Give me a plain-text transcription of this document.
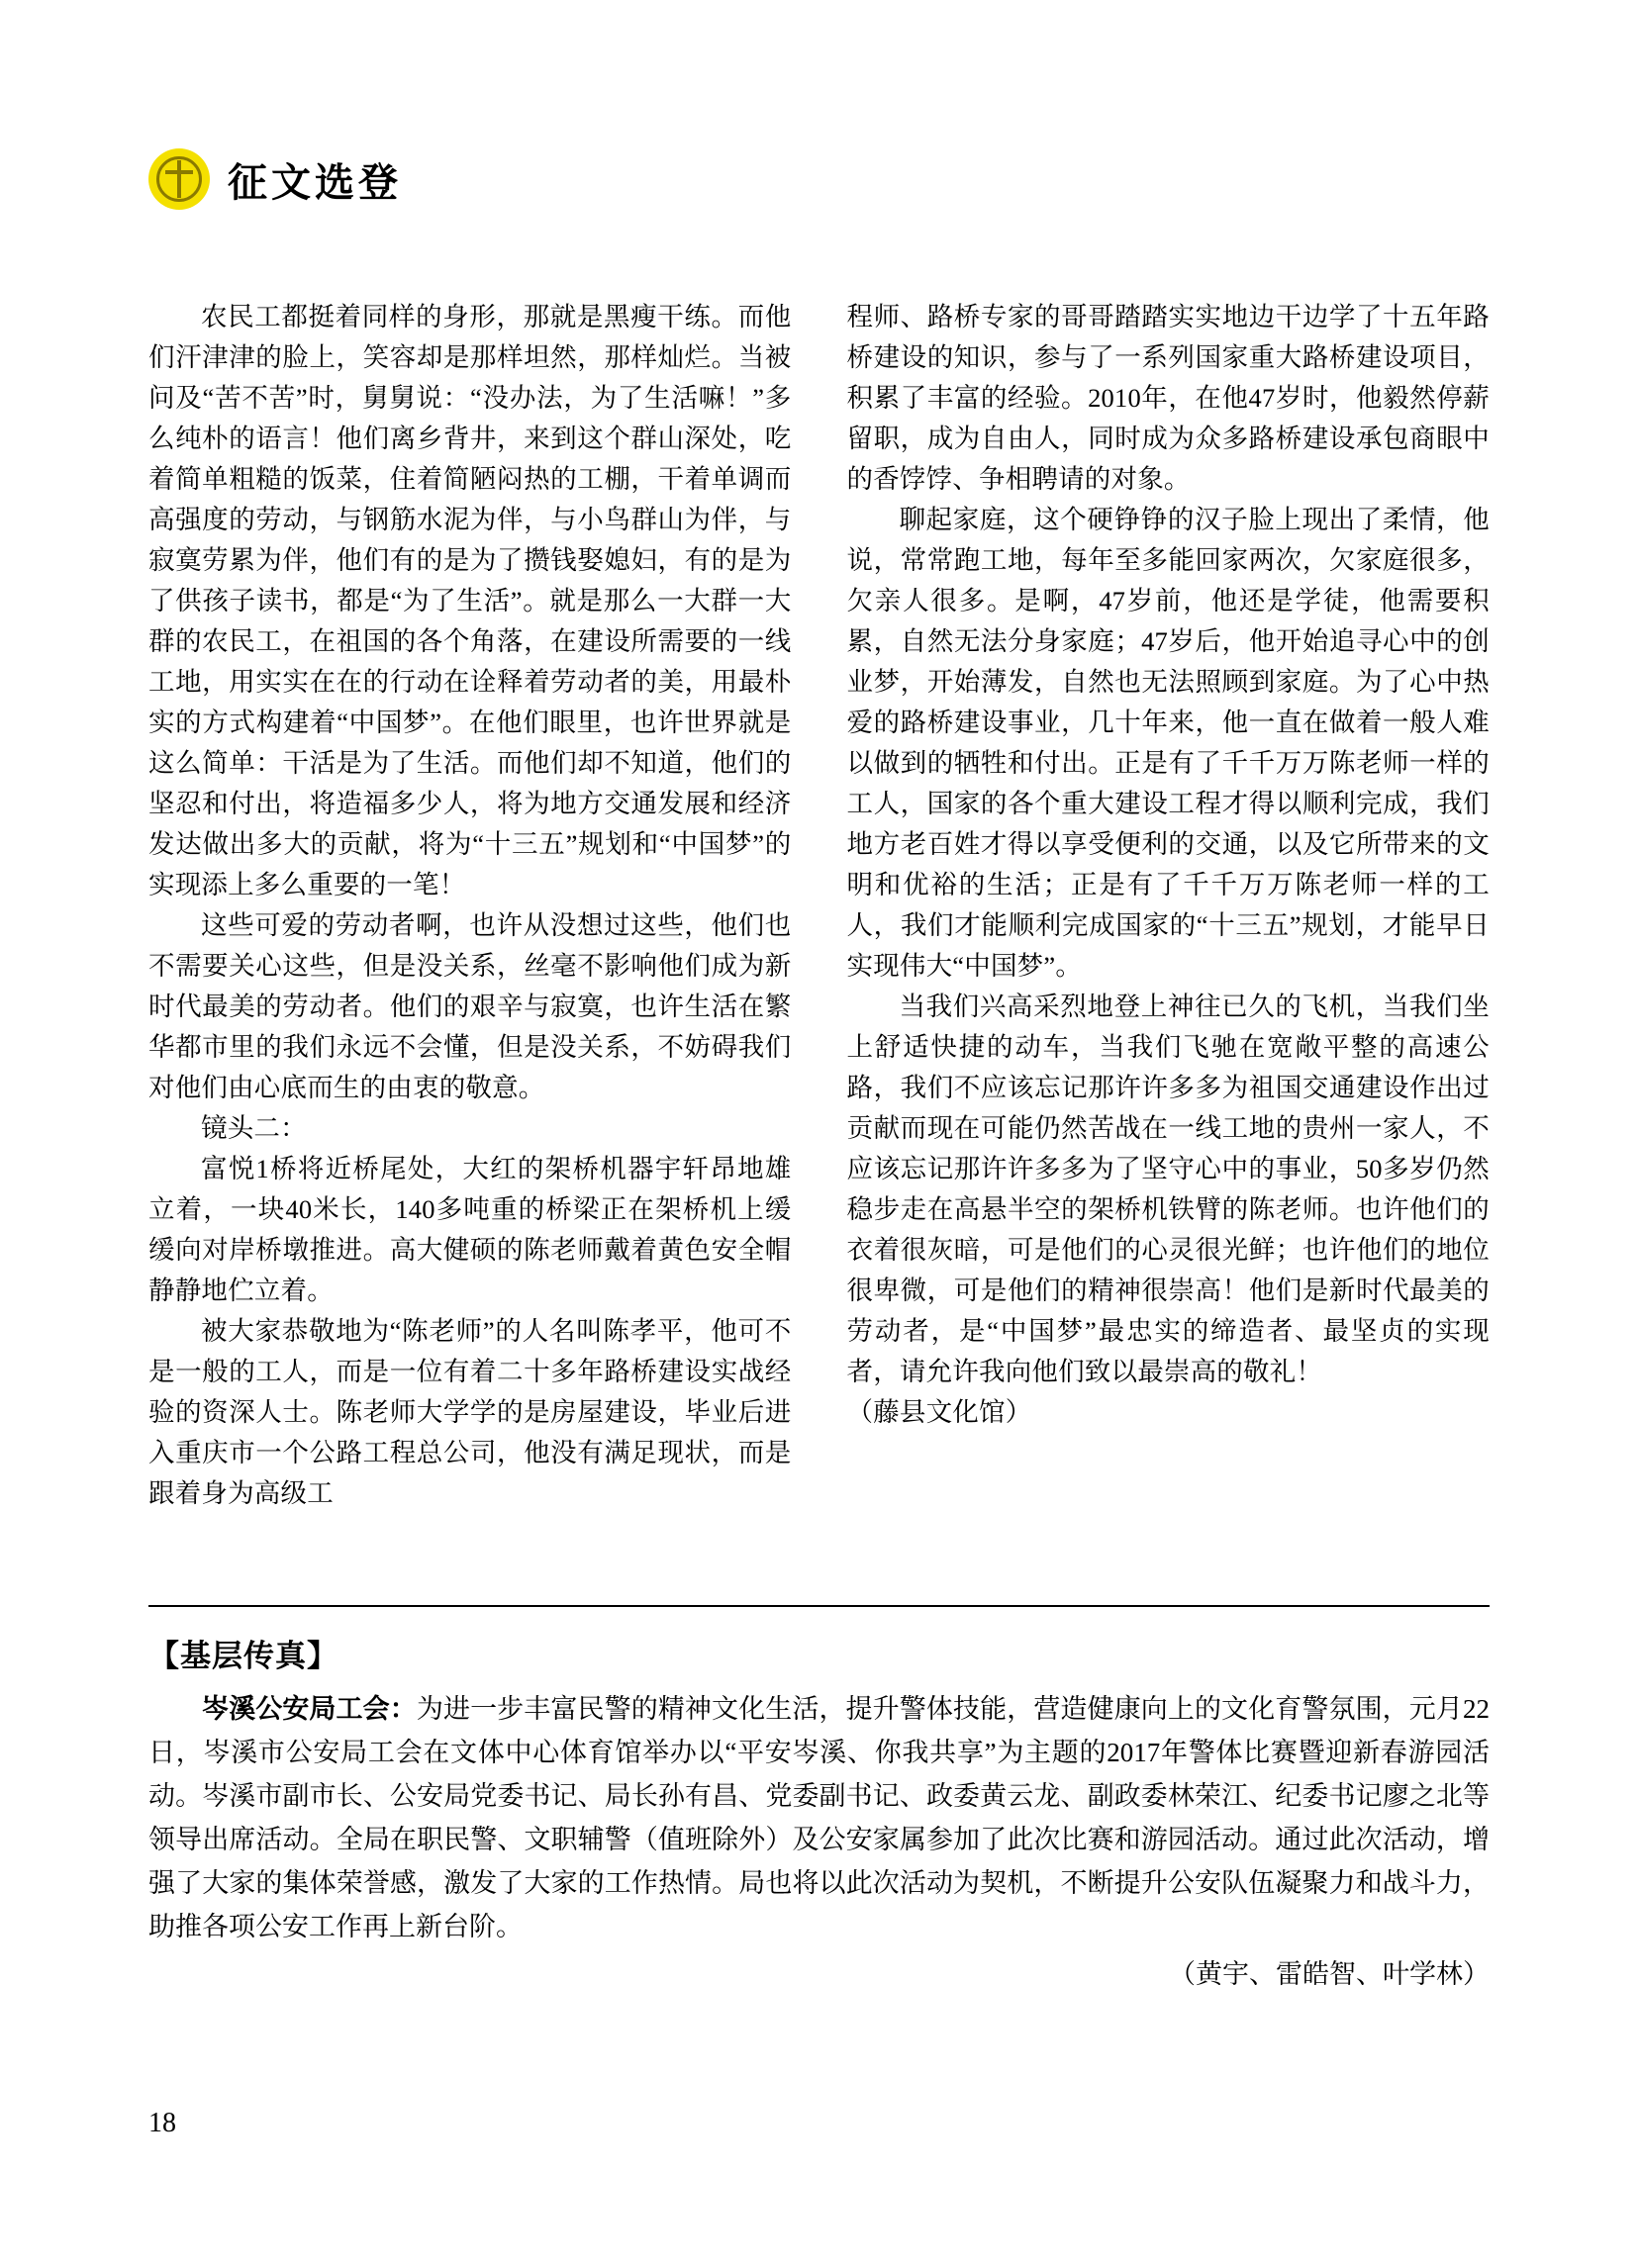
征文选登

农民工都挺着同样的身形，那就是黑瘦干练。而他们汗津津的脸上，笑容却是那样坦然，那样灿烂。当被问及“苦不苦”时，舅舅说：“没办法，为了生活嘛！”多么纯朴的语言！他们离乡背井，来到这个群山深处，吃着简单粗糙的饭菜，住着简陋闷热的工棚，干着单调而高强度的劳动，与钢筋水泥为伴，与小鸟群山为伴，与寂寞劳累为伴，他们有的是为了攒钱娶媳妇，有的是为了供孩子读书，都是“为了生活”。就是那么一大群一大群的农民工，在祖国的各个角落，在建设所需要的一线工地，用实实在在的行动在诠释着劳动者的美，用最朴实的方式构建着“中国梦”。在他们眼里，也许世界就是这么简单：干活是为了生活。而他们却不知道，他们的坚忍和付出，将造福多少人，将为地方交通发展和经济发达做出多大的贡献，将为“十三五”规划和“中国梦”的实现添上多么重要的一笔！

这些可爱的劳动者啊，也许从没想过这些，他们也不需要关心这些，但是没关系，丝毫不影响他们成为新时代最美的劳动者。他们的艰辛与寂寞，也许生活在繁华都市里的我们永远不会懂，但是没关系，不妨碍我们对他们由心底而生的由衷的敬意。

镜头二：

富悦1桥将近桥尾处，大红的架桥机器宇轩昂地雄立着，一块40米长，140多吨重的桥梁正在架桥机上缓缓向对岸桥墩推进。高大健硕的陈老师戴着黄色安全帽静静地伫立着。

被大家恭敬地为“陈老师”的人名叫陈孝平，他可不是一般的工人，而是一位有着二十多年路桥建设实战经验的资深人士。陈老师大学学的是房屋建设，毕业后进入重庆市一个公路工程总公司，他没有满足现状，而是跟着身为高级工

程师、路桥专家的哥哥踏踏实实地边干边学了十五年路桥建设的知识，参与了一系列国家重大路桥建设项目，积累了丰富的经验。2010年，在他47岁时，他毅然停薪留职，成为自由人，同时成为众多路桥建设承包商眼中的香饽饽、争相聘请的对象。

聊起家庭，这个硬铮铮的汉子脸上现出了柔情，他说，常常跑工地，每年至多能回家两次，欠家庭很多，欠亲人很多。是啊，47岁前，他还是学徒，他需要积累，自然无法分身家庭；47岁后，他开始追寻心中的创业梦，开始薄发，自然也无法照顾到家庭。为了心中热爱的路桥建设事业，几十年来，他一直在做着一般人难以做到的牺牲和付出。正是有了千千万万陈老师一样的工人，国家的各个重大建设工程才得以顺利完成，我们地方老百姓才得以享受便利的交通，以及它所带来的文明和优裕的生活；正是有了千千万万陈老师一样的工人，我们才能顺利完成国家的“十三五”规划，才能早日实现伟大“中国梦”。

当我们兴高采烈地登上神往已久的飞机，当我们坐上舒适快捷的动车，当我们飞驰在宽敞平整的高速公路，我们不应该忘记那许许多多为祖国交通建设作出过贡献而现在可能仍然苦战在一线工地的贵州一家人，不应该忘记那许许多多为了坚守心中的事业，50多岁仍然稳步走在高悬半空的架桥机铁臂的陈老师。也许他们的衣着很灰暗，可是他们的心灵很光鲜；也许他们的地位很卑微，可是他们的精神很崇高！他们是新时代最美的劳动者，是“中国梦”最忠实的缔造者、最坚贞的实现者，请允许我向他们致以最崇高的敬礼！

（藤县文化馆）

【基层传真】

岑溪公安局工会：为进一步丰富民警的精神文化生活，提升警体技能，营造健康向上的文化育警氛围，元月22日，岑溪市公安局工会在文体中心体育馆举办以“平安岑溪、你我共享”为主题的2017年警体比赛暨迎新春游园活动。岑溪市副市长、公安局党委书记、局长孙有昌、党委副书记、政委黄云龙、副政委林荣江、纪委书记廖之北等领导出席活动。全局在职民警、文职辅警（值班除外）及公安家属参加了此次比赛和游园活动。通过此次活动，增强了大家的集体荣誉感，激发了大家的工作热情。局也将以此次活动为契机，不断提升公安队伍凝聚力和战斗力，助推各项公安工作再上新台阶。

（黄宇、雷皓智、叶学林）

18
